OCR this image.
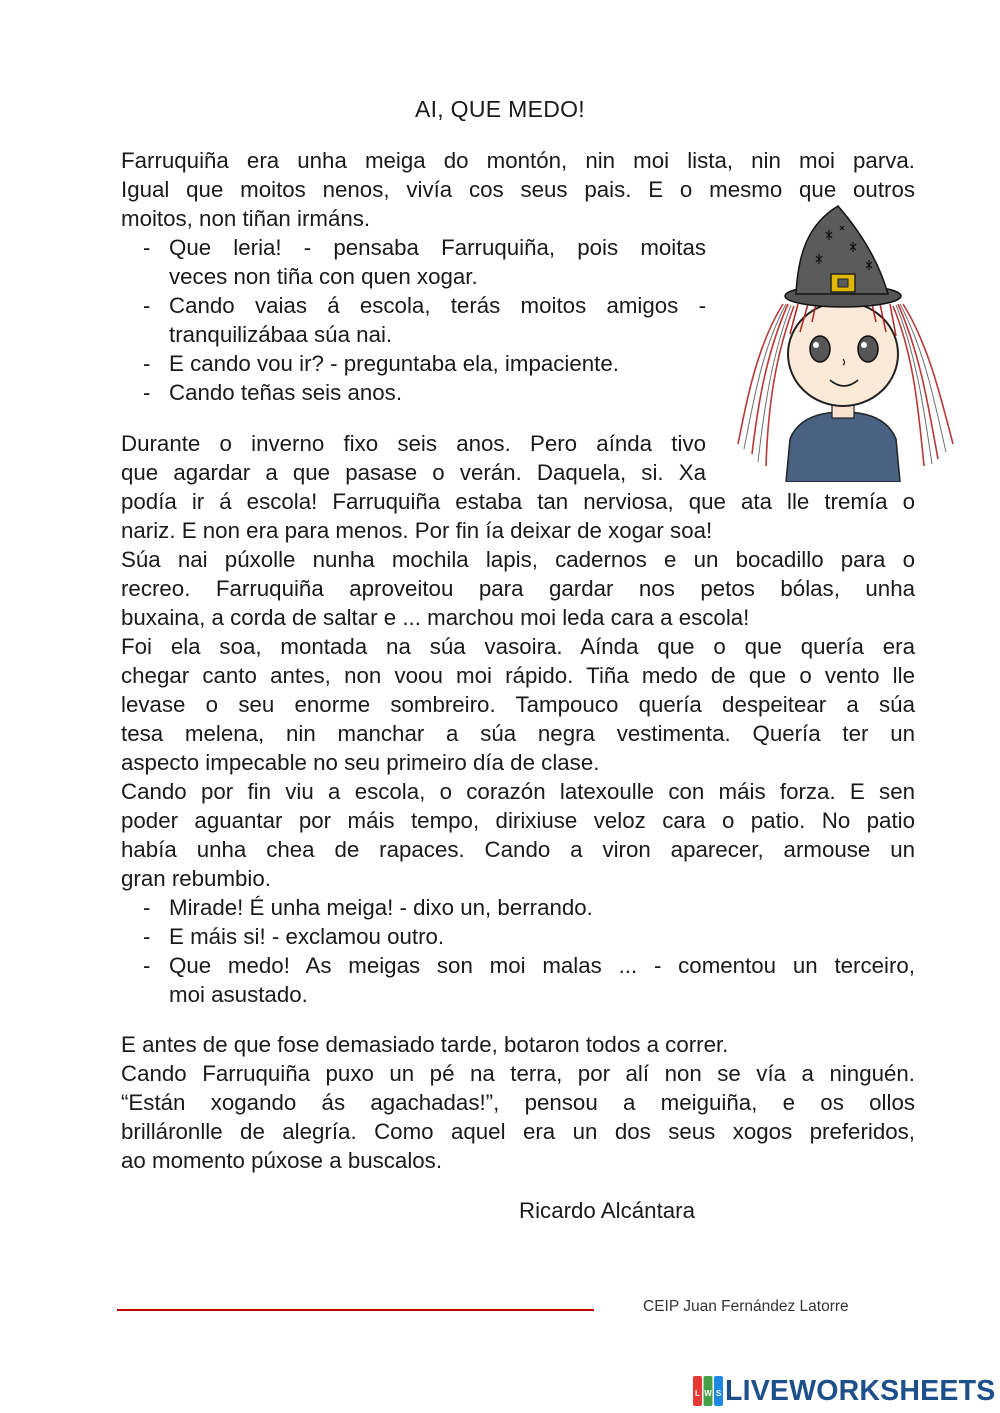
AI, QUE MEDO!
Farruquiña era unha meiga do montón, nin moi lista, nin moi parva.
Igual que moitos nenos, vivía cos seus pais. E o mesmo que outros
moitos, non tiñan irmáns.
- Que leria! - pensaba Farruquiña, pois moitas
veces non tiña con quen xogar.
- Cando vaias á escola, terás moitos amigos -
tranquilizábaa súa nai.
- E cando vou ir? - preguntaba ela, impaciente.
- Cando teñas seis anos.
Durante o inverno fixo seis anos. Pero aínda tivo
que agardar a que pasase o verán. Daquela, si. Xa
podía ir á escola! Farruquiña estaba tan nerviosa, que ata lle tremía o
nariz. E non era para menos. Por fin ía deixar de xogar soa!
Súa nai púxolle nunha mochila lapis, cadernos e un bocadillo para o
recreo. Farruquiña aproveitou para gardar nos petos bólas, unha
buxaina, a corda de saltar e ... marchou moi leda cara a escola!
Foi ela soa, montada na súa vasoira. Aínda que o que quería era
chegar canto antes, non voou moi rápido. Tiña medo de que o vento lle
levase o seu enorme sombreiro. Tampouco quería despeitear a súa
tesa melena, nin manchar a súa negra vestimenta. Quería ter un
aspecto impecable no seu primeiro día de clase.
Cando por fin viu a escola, o corazón latexoulle con máis forza. E sen
poder aguantar por máis tempo, dirixiuse veloz cara o patio. No patio
había unha chea de rapaces. Cando a viron aparecer, armouse un
gran rebumbio.
- Mirade! É unha meiga! - dixo un, berrando.
- E máis si! - exclamou outro.
- Que medo! As meigas son moi malas ... - comentou un terceiro,
moi asustado.
E antes de que fose demasiado tarde, botaron todos a correr.
Cando Farruquiña puxo un pé na terra, por alí non se vía a ninguén.
“Están xogando ás agachadas!”, pensou a meiguiña, e os ollos
brilláronlle de alegría. Como aquel era un dos seus xogos preferidos,
ao momento púxose a buscalos.
Ricardo Alcántara
CEIP Juan Fernández Latorre
L W S LIVEWORKSHEETS
